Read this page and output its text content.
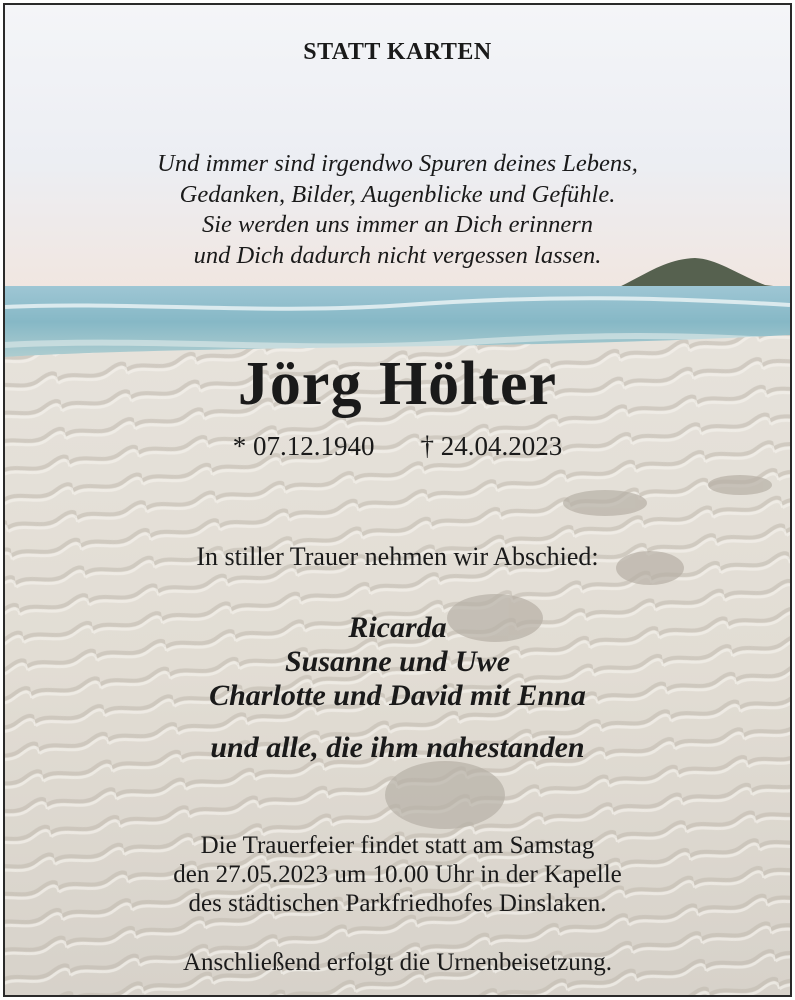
STATT KARTEN

Und immer sind irgendwo Spuren deines Lebens,
Gedanken, Bilder, Augenblicke und Gefühle.
Sie werden uns immer an Dich erinnern
und Dich dadurch nicht vergessen lassen.

Jörg Hölter

* 07.12.1940 † 24.04.2023

In stiller Trauer nehmen wir Abschied:

Ricarda
Susanne und Uwe
Charlotte und David mit Enna

und alle, die ihm nahestanden

Die Trauerfeier findet statt am Samstag
den 27.05.2023 um 10.00 Uhr in der Kapelle
des städtischen Parkfriedhofes Dinslaken.

Anschließend erfolgt die Urnenbeisetzung.
